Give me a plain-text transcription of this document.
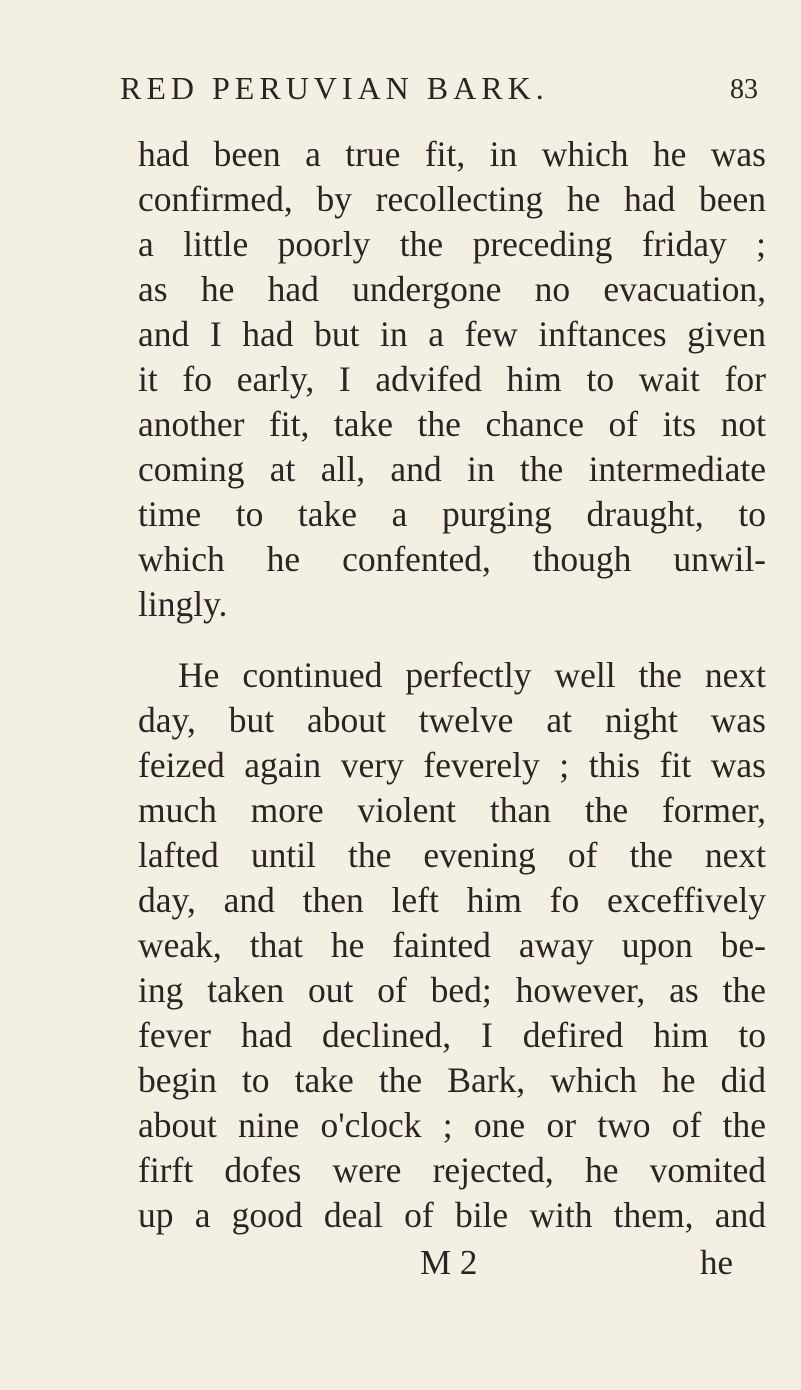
RED PERUVIAN BARK.	83
had been a true fit, in which he was
confirmed, by recollecting he had been
a little poorly the preceding friday ;
as he had undergone no evacuation,
and I had but in a few inftances given
it fo early, I advifed him to wait for
another fit, take the chance of its not
coming at all, and in the intermediate
time to take a purging draught, to
which he confented, though unwil-
lingly.
He continued perfectly well the next
day, but about twelve at night was
feized again very feverely ; this fit was
much more violent than the former,
lafted until the evening of the next
day, and then left him fo exceffively
weak, that he fainted away upon be-
ing taken out of bed; however, as the
fever had declined, I defired him to
begin to take the Bark, which he did
about nine o'clock ; one or two of the
firft dofes were rejected, he vomited
up a good deal of bile with them, and
M 2	he
